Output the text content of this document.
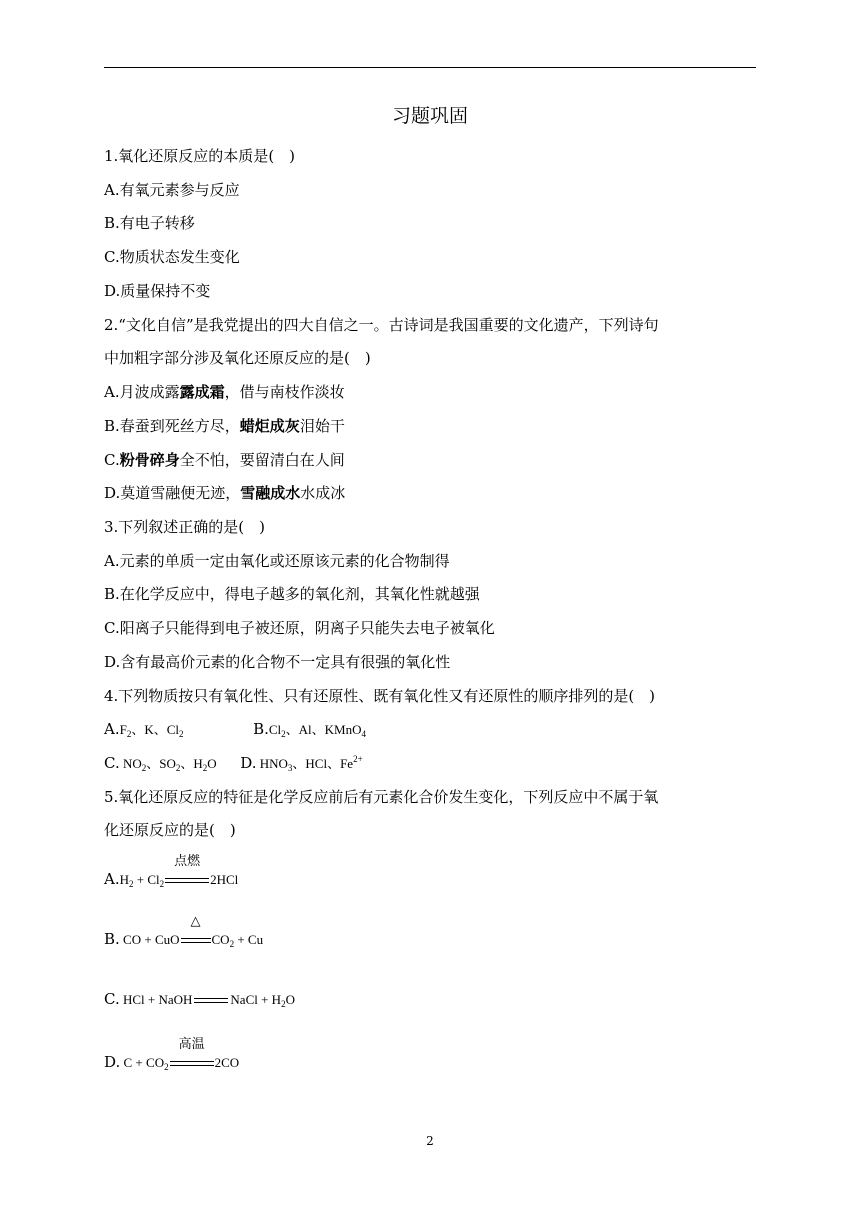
习题巩固
1.氧化还原反应的本质是(　)
A.有氧元素参与反应
B.有电子转移
C.物质状态发生变化
D.质量保持不变
2.“文化自信”是我党提出的四大自信之一。古诗词是我国重要的文化遗产，下列诗句
中加粗字部分涉及氧化还原反应的是(　)
A.月波成露露成霜，借与南枝作淡妆
B.春蚕到死丝方尽，蜡炬成灰泪始干
C.粉骨碎身全不怕，要留清白在人间
D.莫道雪融便无迹，雪融成水水成冰
3.下列叙述正确的是(　)
A.元素的单质一定由氧化或还原该元素的化合物制得
B.在化学反应中，得电子越多的氧化剂，其氧化性就越强
C.阳离子只能得到电子被还原，阴离子只能失去电子被氧化
D.含有最高价元素的化合物不一定具有很强的氧化性
4.下列物质按只有氧化性、只有还原性、既有氧化性又有还原性的顺序排列的是(　)
$A.F_2$、K、$Cl_2$	$B.Cl_2$、Al、KMnO$_4$
C. $NO_2$、$SO_2$、$H_2O$ D. $HNO_3$、HCl、$Fe^{2+}$
5.氧化还原反应的特征是化学反应前后有元素化合价发生变化，下列反应中不属于氧
化还原反应的是(　)
$A.H_2 + Cl_2$
点燃
2HCl
B. CO + CuO
△
$CO_2 + Cu$
C. HCl + NaOH	NaCl + $H_2O$
D. $C + CO_2$
高温
2CO
2
